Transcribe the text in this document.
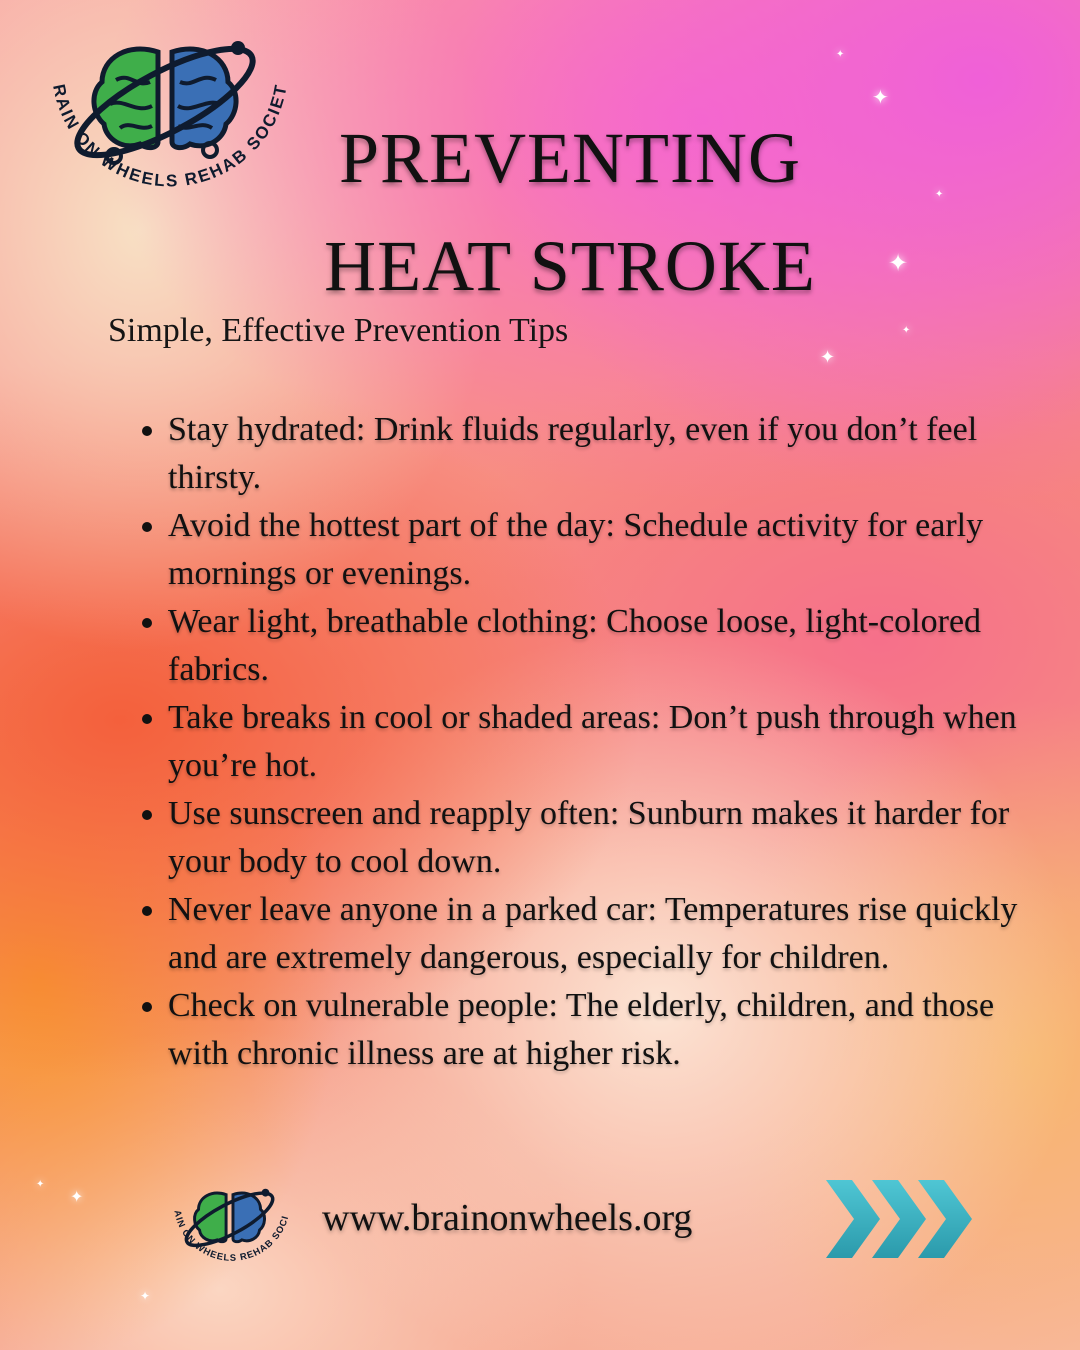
✦
✦
✦
✦
✦
✦
✦
✦
✦
RAIN ON WHEELS REHAB SOCIET
PREVENTING
HEAT STROKE
Simple, Effective Prevention Tips
• Stay hydrated: Drink fluids regularly, even if you don’t feel thirsty.
• Avoid the hottest part of the day: Schedule activity for early mornings or evenings.
• Wear light, breathable clothing: Choose loose, light-colored fabrics.
• Take breaks in cool or shaded areas: Don’t push through when you’re hot.
• Use sunscreen and reapply often: Sunburn makes it harder for your body to cool down.
• Never leave anyone in a parked car: Temperatures rise quickly and are extremely dangerous, especially for children.
• Check on vulnerable people: The elderly, children, and those with chronic illness are at higher risk.
AIN ON WHEELS REHAB SOCI www.brainonwheels.org
